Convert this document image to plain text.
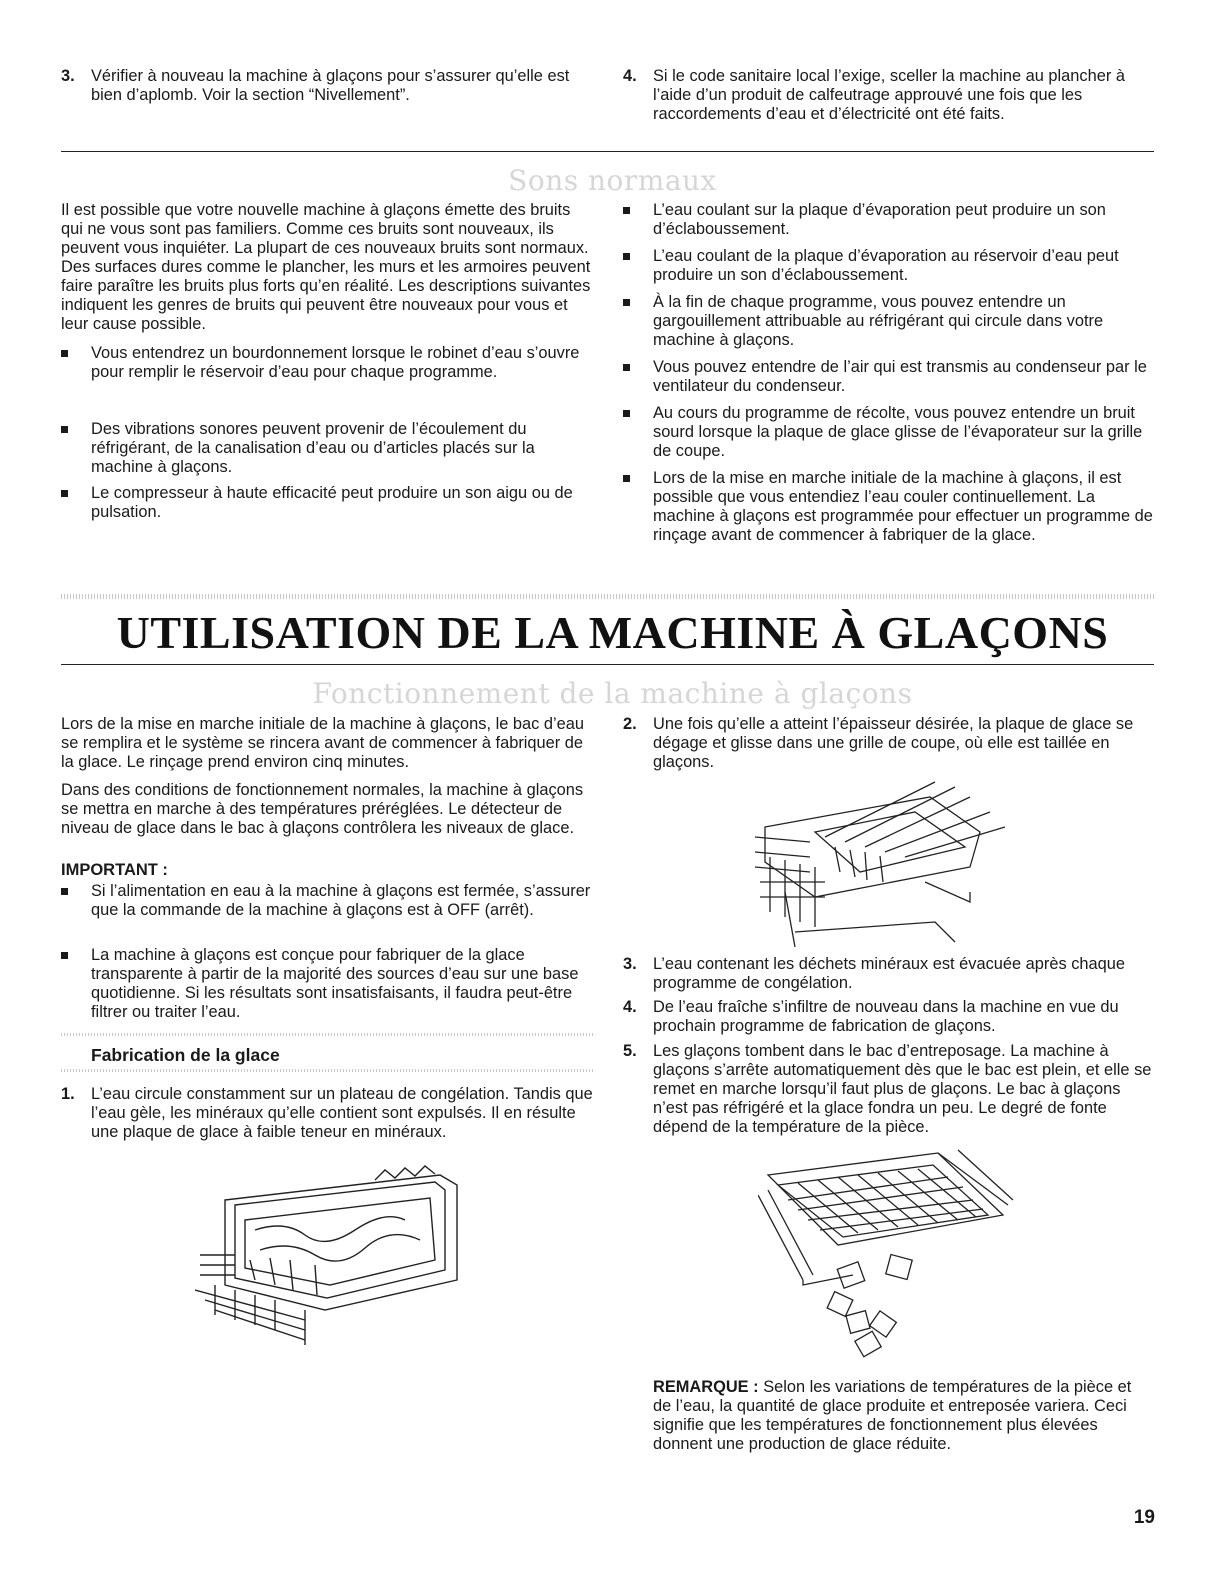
3. Vérifier à nouveau la machine à glaçons pour s’assurer qu’elle est bien d’aplomb. Voir la section “Nivellement”.
4. Si le code sanitaire local l’exige, sceller la machine au plancher à l’aide d’un produit de calfeutrage approuvé une fois que les raccordements d’eau et d’électricité ont été faits.
Sons normaux
Il est possible que votre nouvelle machine à glaçons émette des bruits qui ne vous sont pas familiers. Comme ces bruits sont nouveaux, ils peuvent vous inquiéter. La plupart de ces nouveaux bruits sont normaux. Des surfaces dures comme le plancher, les murs et les armoires peuvent faire paraître les bruits plus forts qu’en réalité. Les descriptions suivantes indiquent les genres de bruits qui peuvent être nouveaux pour vous et leur cause possible.
Vous entendrez un bourdonnement lorsque le robinet d’eau s’ouvre pour remplir le réservoir d’eau pour chaque programme.
Des vibrations sonores peuvent provenir de l’écoulement du réfrigérant, de la canalisation d’eau ou d’articles placés sur la machine à glaçons.
Le compresseur à haute efficacité peut produire un son aigu ou de pulsation.
L’eau coulant sur la plaque d’évaporation peut produire un son d’éclaboussement.
L’eau coulant de la plaque d’évaporation au réservoir d’eau peut produire un son d’éclaboussement.
À la fin de chaque programme, vous pouvez entendre un gargouillement attribuable au réfrigérant qui circule dans votre machine à glaçons.
Vous pouvez entendre de l’air qui est transmis au condenseur par le ventilateur du condenseur.
Au cours du programme de récolte, vous pouvez entendre un bruit sourd lorsque la plaque de glace glisse de l’évaporateur sur la grille de coupe.
Lors de la mise en marche initiale de la machine à glaçons, il est possible que vous entendiez l’eau couler continuellement. La machine à glaçons est programmée pour effectuer un programme de rinçage avant de commencer à fabriquer de la glace.
UTILISATION DE LA MACHINE À GLAÇONS
Fonctionnement de la machine à glaçons
Lors de la mise en marche initiale de la machine à glaçons, le bac d’eau se remplira et le système se rincera avant de commencer à fabriquer de la glace. Le rinçage prend environ cinq minutes.
Dans des conditions de fonctionnement normales, la machine à glaçons se mettra en marche à des températures préréglées. Le détecteur de niveau de glace dans le bac à glaçons contrôlera les niveaux de glace.
IMPORTANT :
Si l’alimentation en eau à la machine à glaçons est fermée, s’assurer que la commande de la machine à glaçons est à OFF (arrêt).
La machine à glaçons est conçue pour fabriquer de la glace transparente à partir de la majorité des sources d’eau sur une base quotidienne. Si les résultats sont insatisfaisants, il faudra peut-être filtrer ou traiter l’eau.
Fabrication de la glace
1. L’eau circule constamment sur un plateau de congélation. Tandis que l’eau gèle, les minéraux qu’elle contient sont expulsés. Il en résulte une plaque de glace à faible teneur en minéraux.
2. Une fois qu’elle a atteint l’épaisseur désirée, la plaque de glace se dégage et glisse dans une grille de coupe, où elle est taillée en glaçons.
3. L’eau contenant les déchets minéraux est évacuée après chaque programme de congélation.
4. De l’eau fraîche s’infiltre de nouveau dans la machine en vue du prochain programme de fabrication de glaçons.
5. Les glaçons tombent dans le bac d’entreposage. La machine à glaçons s’arrête automatiquement dès que le bac est plein, et elle se remet en marche lorsqu’il faut plus de glaçons. Le bac à glaçons n’est pas réfrigéré et la glace fondra un peu. Le degré de fonte dépend de la température de la pièce.
REMARQUE : Selon les variations de températures de la pièce et de l’eau, la quantité de glace produite et entreposée variera. Ceci signifie que les températures de fonctionnement plus élevées donnent une production de glace réduite.
19
